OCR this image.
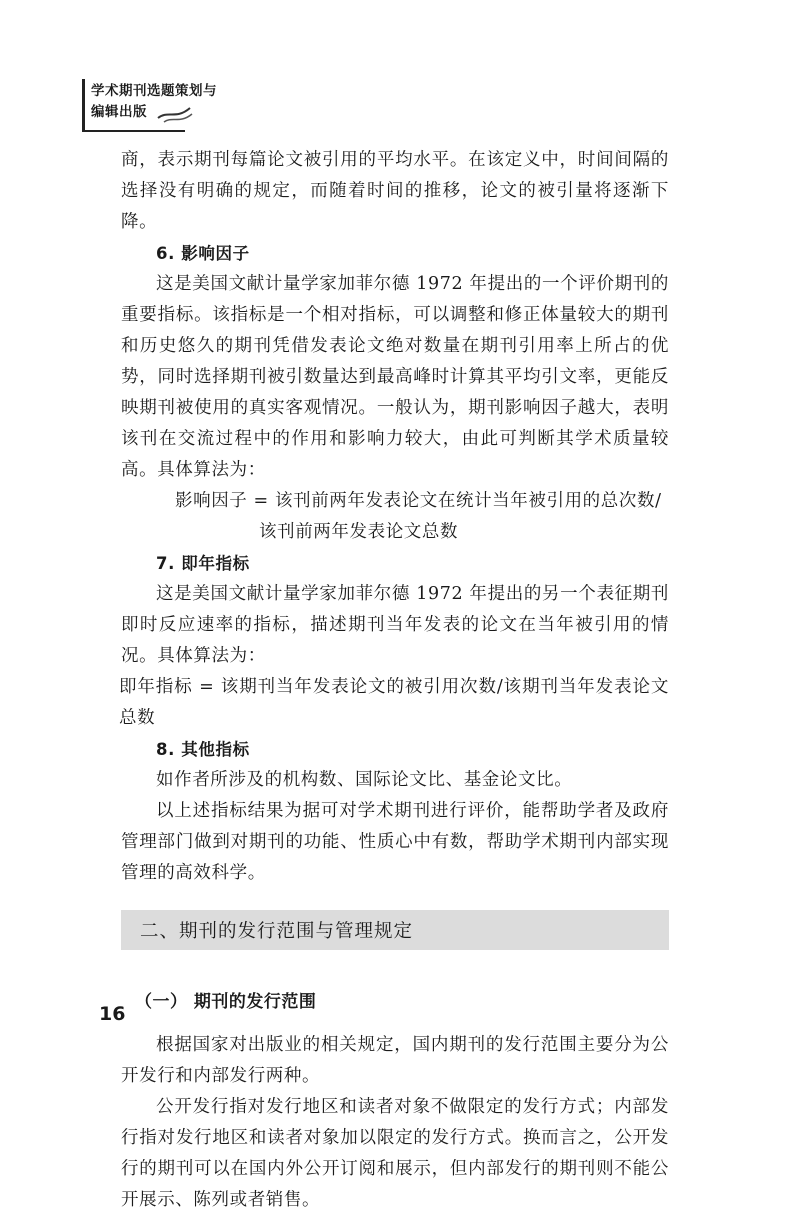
学术期刊选题策划与
编辑出版

商，表示期刊每篇论文被引用的平均水平。在该定义中，时间间隔的选择没有明确的规定，而随着时间的推移，论文的被引量将逐渐下降。

6. 影响因子

这是美国文献计量学家加菲尔德 1972 年提出的一个评价期刊的重要指标。该指标是一个相对指标，可以调整和修正体量较大的期刊和历史悠久的期刊凭借发表论文绝对数量在期刊引用率上所占的优势，同时选择期刊被引数量达到最高峰时计算其平均引文率，更能反映期刊被使用的真实客观情况。一般认为，期刊影响因子越大，表明该刊在交流过程中的作用和影响力较大，由此可判断其学术质量较高。具体算法为：

影响因子 = 该刊前两年发表论文在统计当年被引用的总次数/

该刊前两年发表论文总数

7. 即年指标

这是美国文献计量学家加菲尔德 1972 年提出的另一个表征期刊即时反应速率的指标，描述期刊当年发表的论文在当年被引用的情况。具体算法为：

即年指标 = 该期刊当年发表论文的被引用次数/该期刊当年发表论文总数

8. 其他指标

如作者所涉及的机构数、国际论文比、基金论文比。

以上述指标结果为据可对学术期刊进行评价，能帮助学者及政府管理部门做到对期刊的功能、性质心中有数，帮助学术期刊内部实现管理的高效科学。

二、期刊的发行范围与管理规定
（一） 期刊的发行范围

根据国家对出版业的相关规定，国内期刊的发行范围主要分为公开发行和内部发行两种。

公开发行指对发行地区和读者对象不做限定的发行方式；内部发行指对发行地区和读者对象加以限定的发行方式。换而言之，公开发行的期刊可以在国内外公开订阅和展示，但内部发行的期刊则不能公开展示、陈列或者销售。

16
